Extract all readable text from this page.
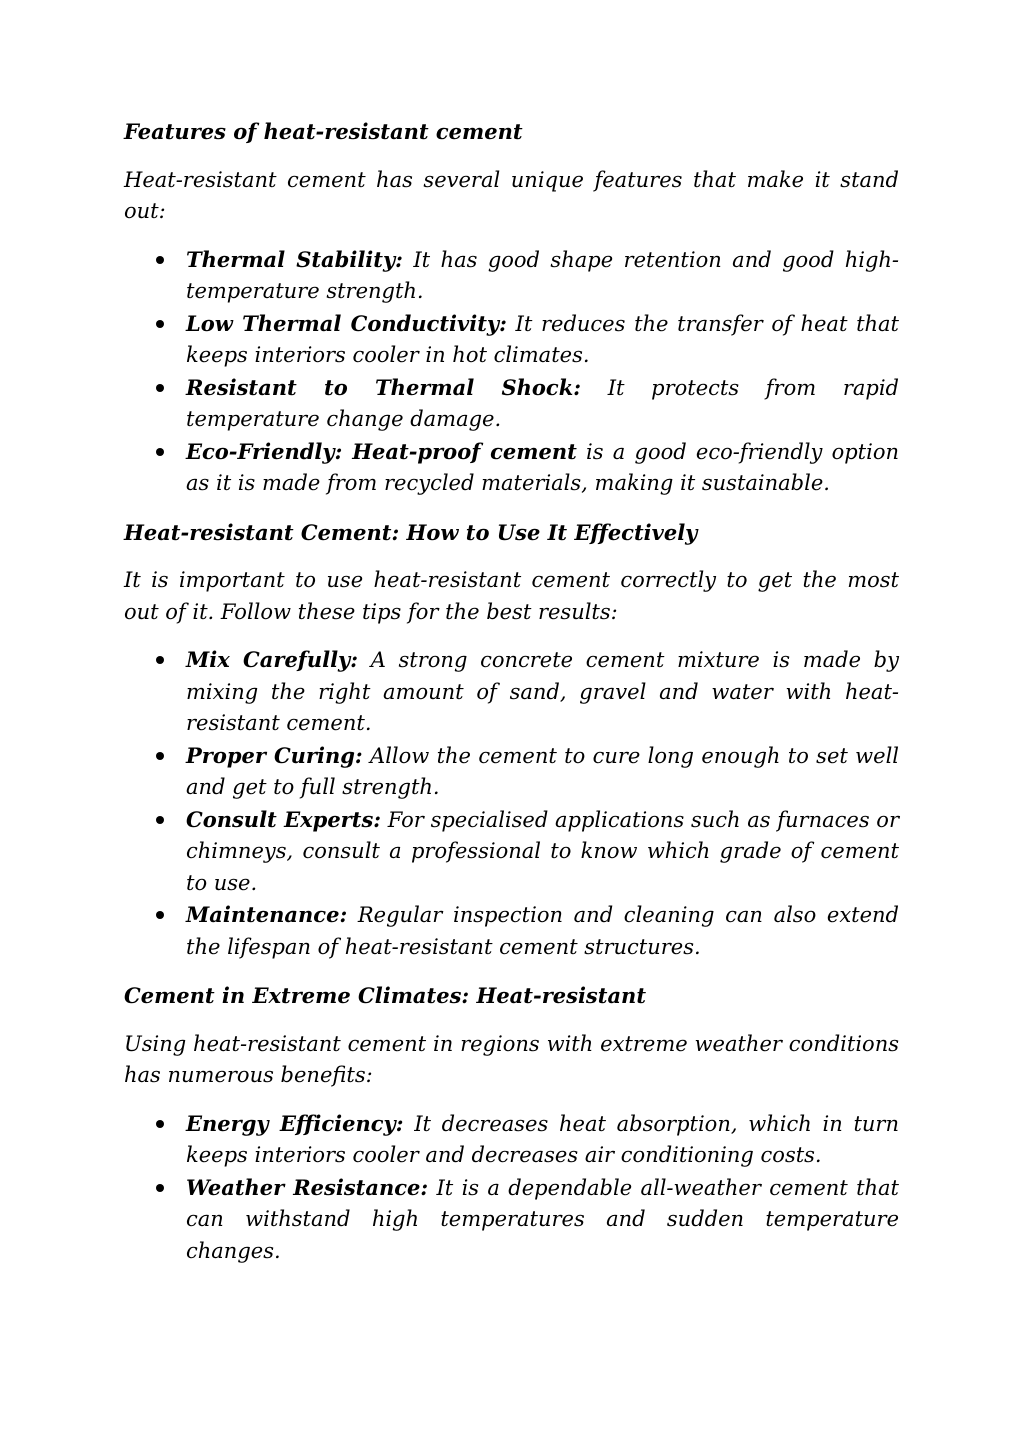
Features of heat-resistant cement

Heat-resistant cement has several unique features that make it stand out:

Thermal Stability: It has good shape retention and good high-temperature strength.
Low Thermal Conductivity: It reduces the transfer of heat that keeps interiors cooler in hot climates.
Resistant to Thermal Shock: It protects from rapid temperature change damage.
Eco-Friendly: Heat-proof cement is a good eco-friendly option as it is made from recycled materials, making it sustainable.
Heat-resistant Cement: How to Use It Effectively

It is important to use heat-resistant cement correctly to get the most out of it. Follow these tips for the best results:

Mix Carefully: A strong concrete cement mixture is made by mixing the right amount of sand, gravel and water with heat-resistant cement.
Proper Curing: Allow the cement to cure long enough to set well and get to full strength.
Consult Experts: For specialised applications such as furnaces or chimneys, consult a professional to know which grade of cement to use.
Maintenance: Regular inspection and cleaning can also extend the lifespan of heat-resistant cement structures.
Cement in Extreme Climates: Heat-resistant

Using heat-resistant cement in regions with extreme weather conditions has numerous benefits:

Energy Efficiency: It decreases heat absorption, which in turn keeps interiors cooler and decreases air conditioning costs.
Weather Resistance: It is a dependable all-weather cement that can withstand high temperatures and sudden temperature changes.
